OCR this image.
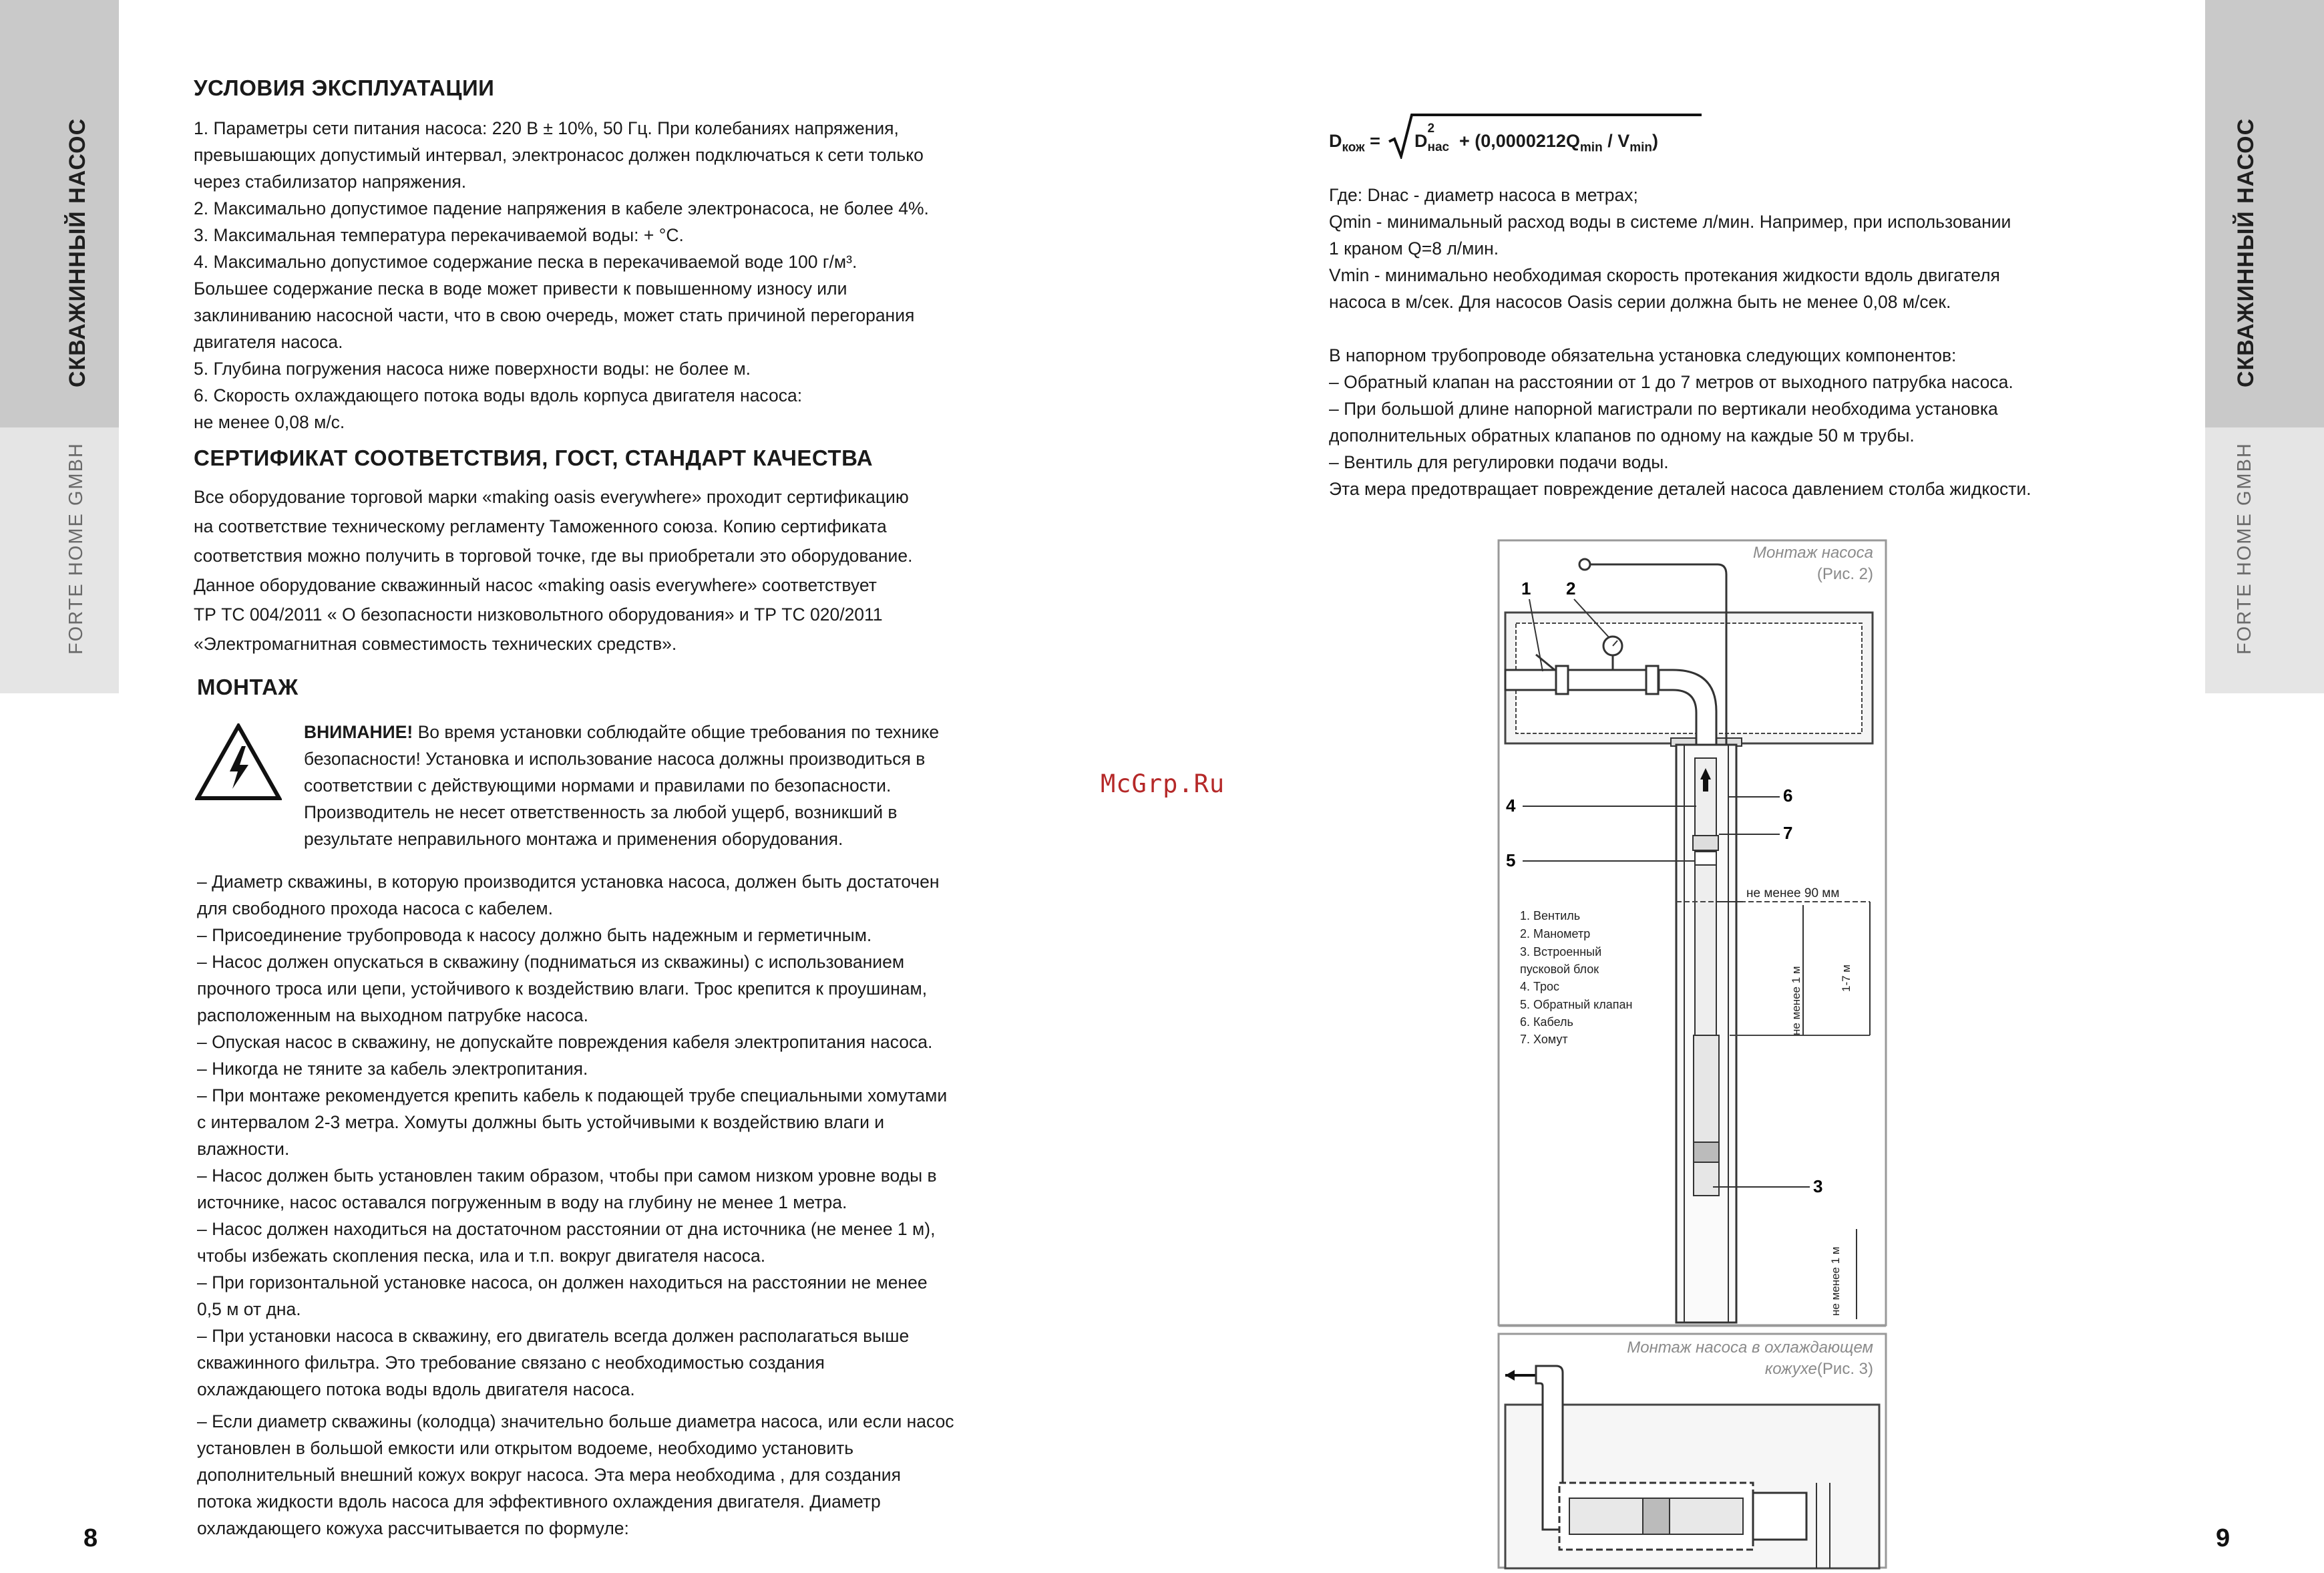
СКВАЖИННЫЙ НАСОС
FORTE HOME GMBH
СКВАЖИННЫЙ НАСОС
FORTE HOME GMBH
8	9
УСЛОВИЯ ЭКСПЛУАТАЦИИ
1. Параметры сети питания насоса: 220 В ± 10%, 50 Гц. При колебаниях напряжения,
превышающих допустимый интервал, электронасос должен подключаться к сети только
через стабилизатор напряжения.
2. Максимально допустимое падение напряжения в кабеле электронасоса, не более 4%.
3. Максимальная температура перекачиваемой воды: + °С.
4. Максимально допустимое содержание песка в перекачиваемой воде 100 г/м³.
Большее содержание песка в воде может привести к повышенному износу или
заклиниванию насосной части, что в свою очередь, может стать причиной перегорания
двигателя насоса.
5. Глубина погружения насоса ниже поверхности воды: не более м.
6. Скорость охлаждающего потока воды вдоль корпуса двигателя насоса:
не менее 0,08 м/с.
СЕРТИФИКАТ СООТВЕТСТВИЯ, ГОСТ, СТАНДАРТ КАЧЕСТВА
Все оборудование торговой марки «making oasis everywhere» проходит сертификацию
на соответствие техническому регламенту Таможенного союза. Копию сертификата
соответствия можно получить в торговой точке, где вы приобретали это оборудование.
Данное оборудование скважинный насос «making oasis everywhere» соответствует
ТР ТС 004/2011 « О безопасности низковольтного оборудования» и ТР ТС 020/2011
«Электромагнитная совместимость технических средств».
МОНТАЖ
ВНИМАНИЕ! Во время установки соблюдайте общие требования по технике
безопасности! Установка и использование насоса должны производиться в
соответствии с действующими нормами и правилами по безопасности.
Производитель не несет ответственность за любой ущерб, возникший в
результате неправильного монтажа и применения оборудования.
– Диаметр скважины, в которую производится установка насоса, должен быть достаточен
для свободного прохода насоса с кабелем.
– Присоединение трубопровода к насосу должно быть надежным и герметичным.
– Насос должен опускаться в скважину (подниматься из скважины) с использованием
прочного троса или цепи, устойчивого к воздействию влаги. Трос крепится к проушинам,
расположенным на выходном патрубке насоса.
– Опуская насос в скважину, не допускайте повреждения кабеля электропитания насоса.
– Никогда не тяните за кабель электропитания.
– При монтаже рекомендуется крепить кабель к подающей трубе специальными хомутами
с интервалом 2-3 метра. Хомуты должны быть устойчивыми к воздействию влаги и
влажности.
– Насос должен быть установлен таким образом, чтобы при самом низком уровне воды в
источнике, насос оставался погруженным в воду на глубину не менее 1 метра.
– Насос должен находиться на достаточном расстоянии от дна источника (не менее 1 м),
чтобы избежать скопления песка, ила и т.п. вокруг двигателя насоса.
– При горизонтальной установке насоса, он должен находиться на расстоянии не менее
0,5 м от дна.
– При установки насоса в скважину, его двигатель всегда должен располагаться выше
скважинного фильтра. Это требование связано с необходимостью создания
охлаждающего потока воды вдоль двигателя насоса.
– Если диаметр скважины (колодца) значительно больше диаметра насоса, или если насос
установлен в большой емкости или открытом водоеме, необходимо установить
дополнительный внешний кожух вокруг насоса. Эта мера необходима , для создания
потока жидкости вдоль насоса для эффективного охлаждения двигателя. Диаметр
охлаждающего кожуха рассчитывается по формуле:
McGrp.Ru
$D_{кож} = D$
2
нас + $(0,0000212Q_{min} / V_{min})$
Где: Dнас - диаметр насоса в метрах;
Qmin - минимальный расход воды в системе л/мин. Например, при использовании
1 краном Q=8 л/мин.
Vmin - минимально необходимая скорость протекания жидкости вдоль двигателя
насоса в м/сек. Для насосов Oasis серии должна быть не менее 0,08 м/сек.
В напорном трубопроводе обязательна установка следующих компонентов:
– Обратный клапан на расстоянии от 1 до 7 метров от выходного патрубка насоса.
– При большой длине напорной магистрали по вертикали необходима установка
дополнительных обратных клапанов по одному на каждые 50 м трубы.
– Вентиль для регулировки подачи воды.
Эта мера предотвращает повреждение деталей насоса давлением столба жидкости.
Монтаж насоса
(Рис. 2)
не менее 90 мм
не менее 1 м	1-7 м
не менее 1 м
1 2
4
5
6
7
3
1. Вентиль
2. Манометр
3. Встроенный
пусковой блок
4. Трос
5. Обратный клапан
6. Кабель
7. Хомут
Монтаж насоса в охлаждающем
кожухе(Рис. 3)
